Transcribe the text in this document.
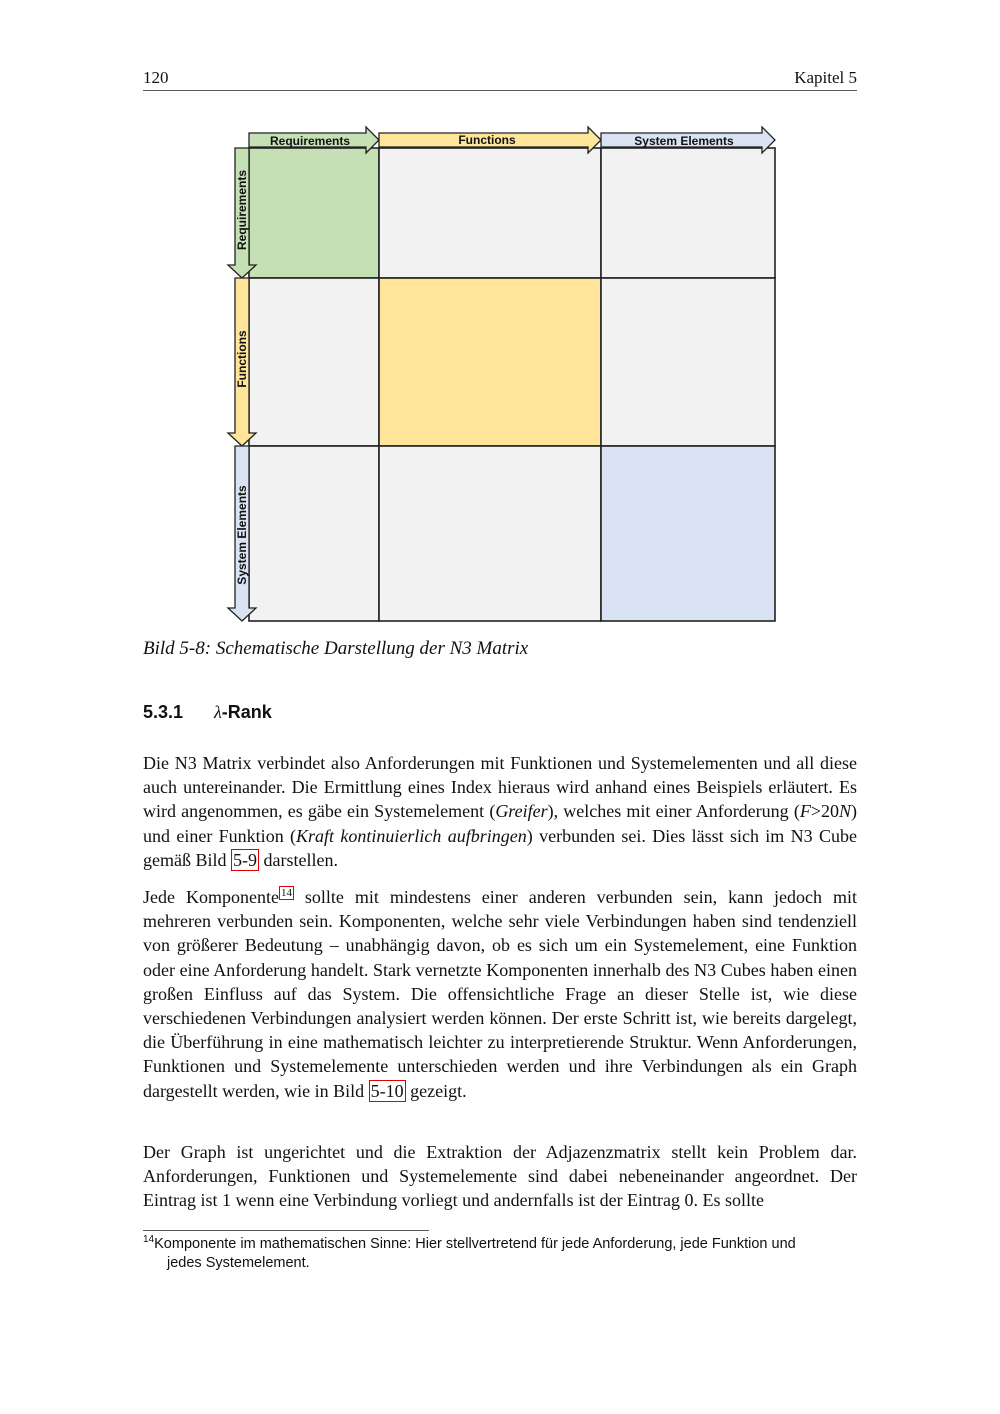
120	Kapitel 5
Requirements	Functions	System Elements
Requirements
Functions
System Elements
Bild 5-8: Schematische Darstellung der N3 Matrix
5.3.1 λ-Rank
Die N3 Matrix verbindet also Anforderungen mit Funktionen und Systemelementen und all diese auch untereinander. Die Ermittlung eines Index hieraus wird anhand eines Beispiels erläutert. Es wird angenommen, es gäbe ein Systemelement (Greifer), welches mit einer Anforderung (F>20N) und einer Funktion (Kraft kontinuierlich aufbringen) verbunden sei. Dies lässt sich im N3 Cube gemäß Bild 5-9 darstellen.
Jede Komponente $^{14}$ sollte mit mindestens einer anderen verbunden sein, kann jedoch mit mehreren verbunden sein. Komponenten, welche sehr viele Verbindungen haben sind tendenziell von größerer Bedeutung – unabhängig davon, ob es sich um ein Systemelement, eine Funktion oder eine Anforderung handelt. Stark vernetzte Komponenten innerhalb des N3 Cubes haben einen großen Einfluss auf das System. Die offensichtliche Frage an dieser Stelle ist, wie diese verschiedenen Verbindungen analysiert werden können. Der erste Schritt ist, wie bereits dargelegt, die Überführung in eine mathematisch leichter zu interpretierende Struktur. Wenn Anforderungen, Funktionen und Systemelemente unterschieden werden und ihre Verbindungen als ein Graph dargestellt werden, wie in Bild 5-10 gezeigt.
Der Graph ist ungerichtet und die Extraktion der Adjazenzmatrix stellt kein Problem dar. Anforderungen, Funktionen und Systemelemente sind dabei nebeneinander angeordnet. Der Eintrag ist 1 wenn eine Verbindung vorliegt und andernfalls ist der Eintrag 0. Es sollte
$^{14}$Komponente im mathematischen Sinne: Hier stellvertretend für jede Anforderung, jede Funktion und
jedes Systemelement.
